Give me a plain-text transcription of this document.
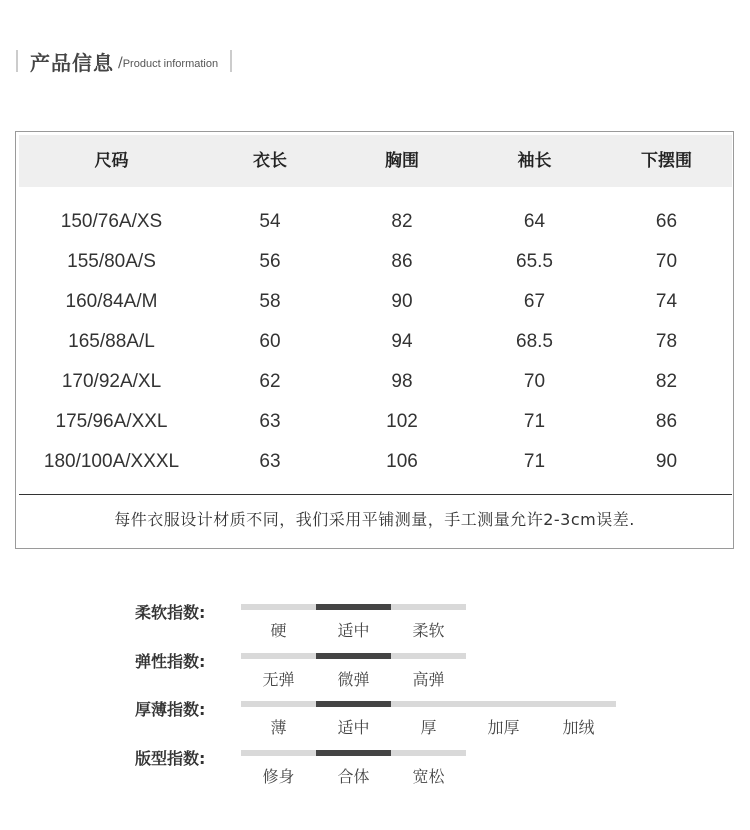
产品信息 / Product information
尺码	衣长	胸围	袖长	下摆围
150/76A/XS	54	82	64	66
155/80A/S	56	86	65.5	70
160/84A/M	58	90	67	74
165/88A/L	60	94	68.5	78
170/92A/XL	62	98	70	82
175/96A/XXL	63	102	71	86
180/100A/XXXL	63	106	71	90
每件衣服设计材质不同，我们采用平铺测量，手工测量允许2-3cm误差.
柔软指数:
硬	适中	柔软
弹性指数:
无弹	微弹	高弹
厚薄指数:
薄	适中	厚	加厚	加绒
版型指数:
修身	合体	宽松
